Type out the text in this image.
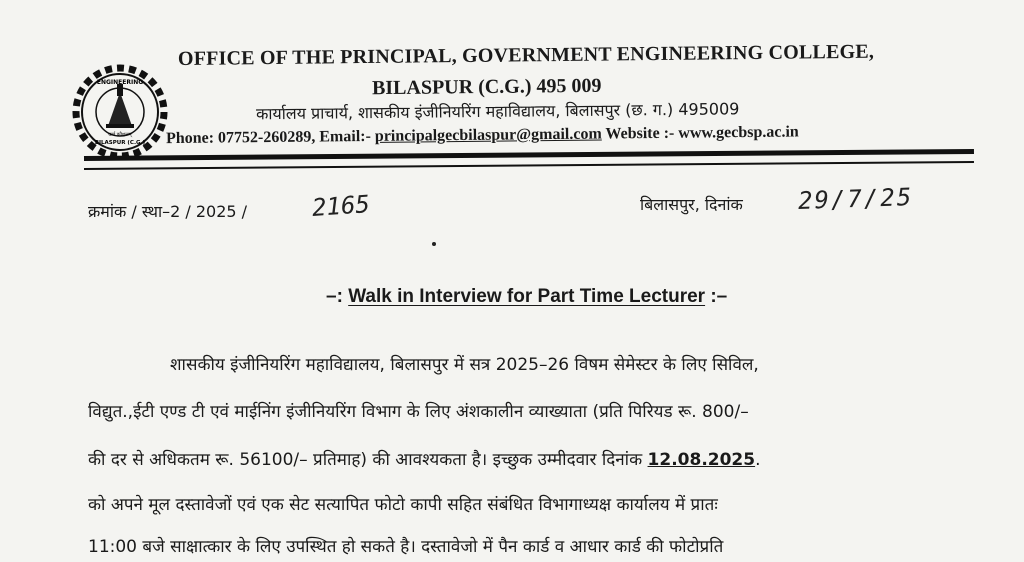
ENGINEERING
BILASPUR (C.G.)
कर्म कौशलम्
OFFICE OF THE PRINCIPAL, GOVERNMENT ENGINEERING COLLEGE,
BILASPUR (C.G.) 495 009
कार्यालय प्राचार्य, शासकीय इंजीनियरिंग महाविद्यालय, बिलासपुर (छ. ग.) 495009
Phone: 07752-260289, Email:- principalgecbilaspur@gmail.com Website :- www.gecbsp.ac.in
क्रमांक / स्था–2 / 2025 /	2165	बिलासपुर, दिनांक 29/7/25
–: Walk in Interview for Part Time Lecturer :–
शासकीय इंजीनियरिंग महाविद्यालय, बिलासपुर में सत्र 2025–26 विषम सेमेस्टर के लिए सिविल,
विद्युत.,ईटी एण्ड टी एवं माईनिंग इंजीनियरिंग विभाग के लिए अंशकालीन व्याख्याता (प्रति पिरियड रू. 800/–
की दर से अधिकतम रू. 56100/– प्रतिमाह) की आवश्यकता है। इच्छुक उम्मीदवार दिनांक 12.08.2025.
को अपने मूल दस्तावेजों एवं एक सेट सत्यापित फोटो कापी सहित संबंधित विभागाध्यक्ष कार्यालय में प्रातः
11:00 बजे साक्षात्कार के लिए उपस्थित हो सकते है। दस्तावेजो में पैन कार्ड व आधार कार्ड की फोटोप्रति
